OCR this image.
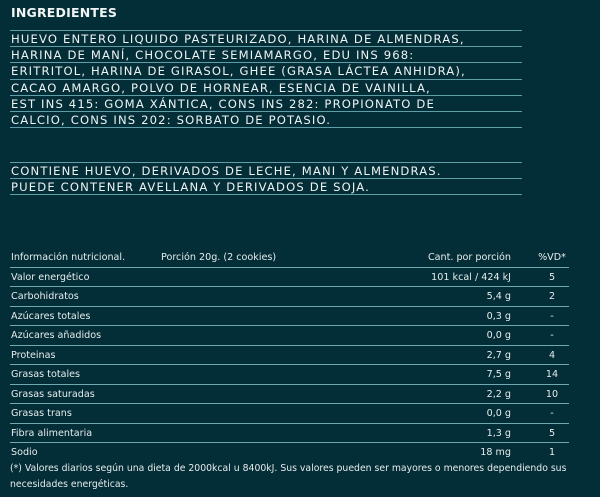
INGREDIENTES
HUEVO ENTERO LIQUIDO PASTEURIZADO, HARINA DE ALMENDRAS,
HARINA DE MANÍ, CHOCOLATE SEMIAMARGO, EDU INS 968:
ERITRITOL, HARINA DE GIRASOL, GHEE (GRASA LÁCTEA ANHIDRA),
CACAO AMARGO, POLVO DE HORNEAR, ESENCIA DE VAINILLA,
EST INS 415: GOMA XÁNTICA, CONS INS 282: PROPIONATO DE
CALCIO, CONS INS 202: SORBATO DE POTASIO.
CONTIENE HUEVO, DERIVADOS DE LECHE, MANI Y ALMENDRAS.
PUEDE CONTENER AVELLANA Y DERIVADOS DE SOJA.
Información nutricional.	Porción 20g. (2 cookies)	Cant. por porción	%VD*
Valor energético	101 kcal / 424 kJ	5
Carbohidratos	5,4 g	2
Azúcares totales	0,3 g	-
Azúcares añadidos	0,0 g	-
Proteinas	2,7 g	4
Grasas totales	7,5 g	14
Grasas saturadas	2,2 g	10
Grasas trans	0,0 g	-
Fibra alimentaria	1,3 g	5
Sodio	18 mg	1
(*) Valores diarios según una dieta de 2000kcal u 8400kJ. Sus valores pueden ser mayores o menores dependiendo sus necesidades energéticas.
